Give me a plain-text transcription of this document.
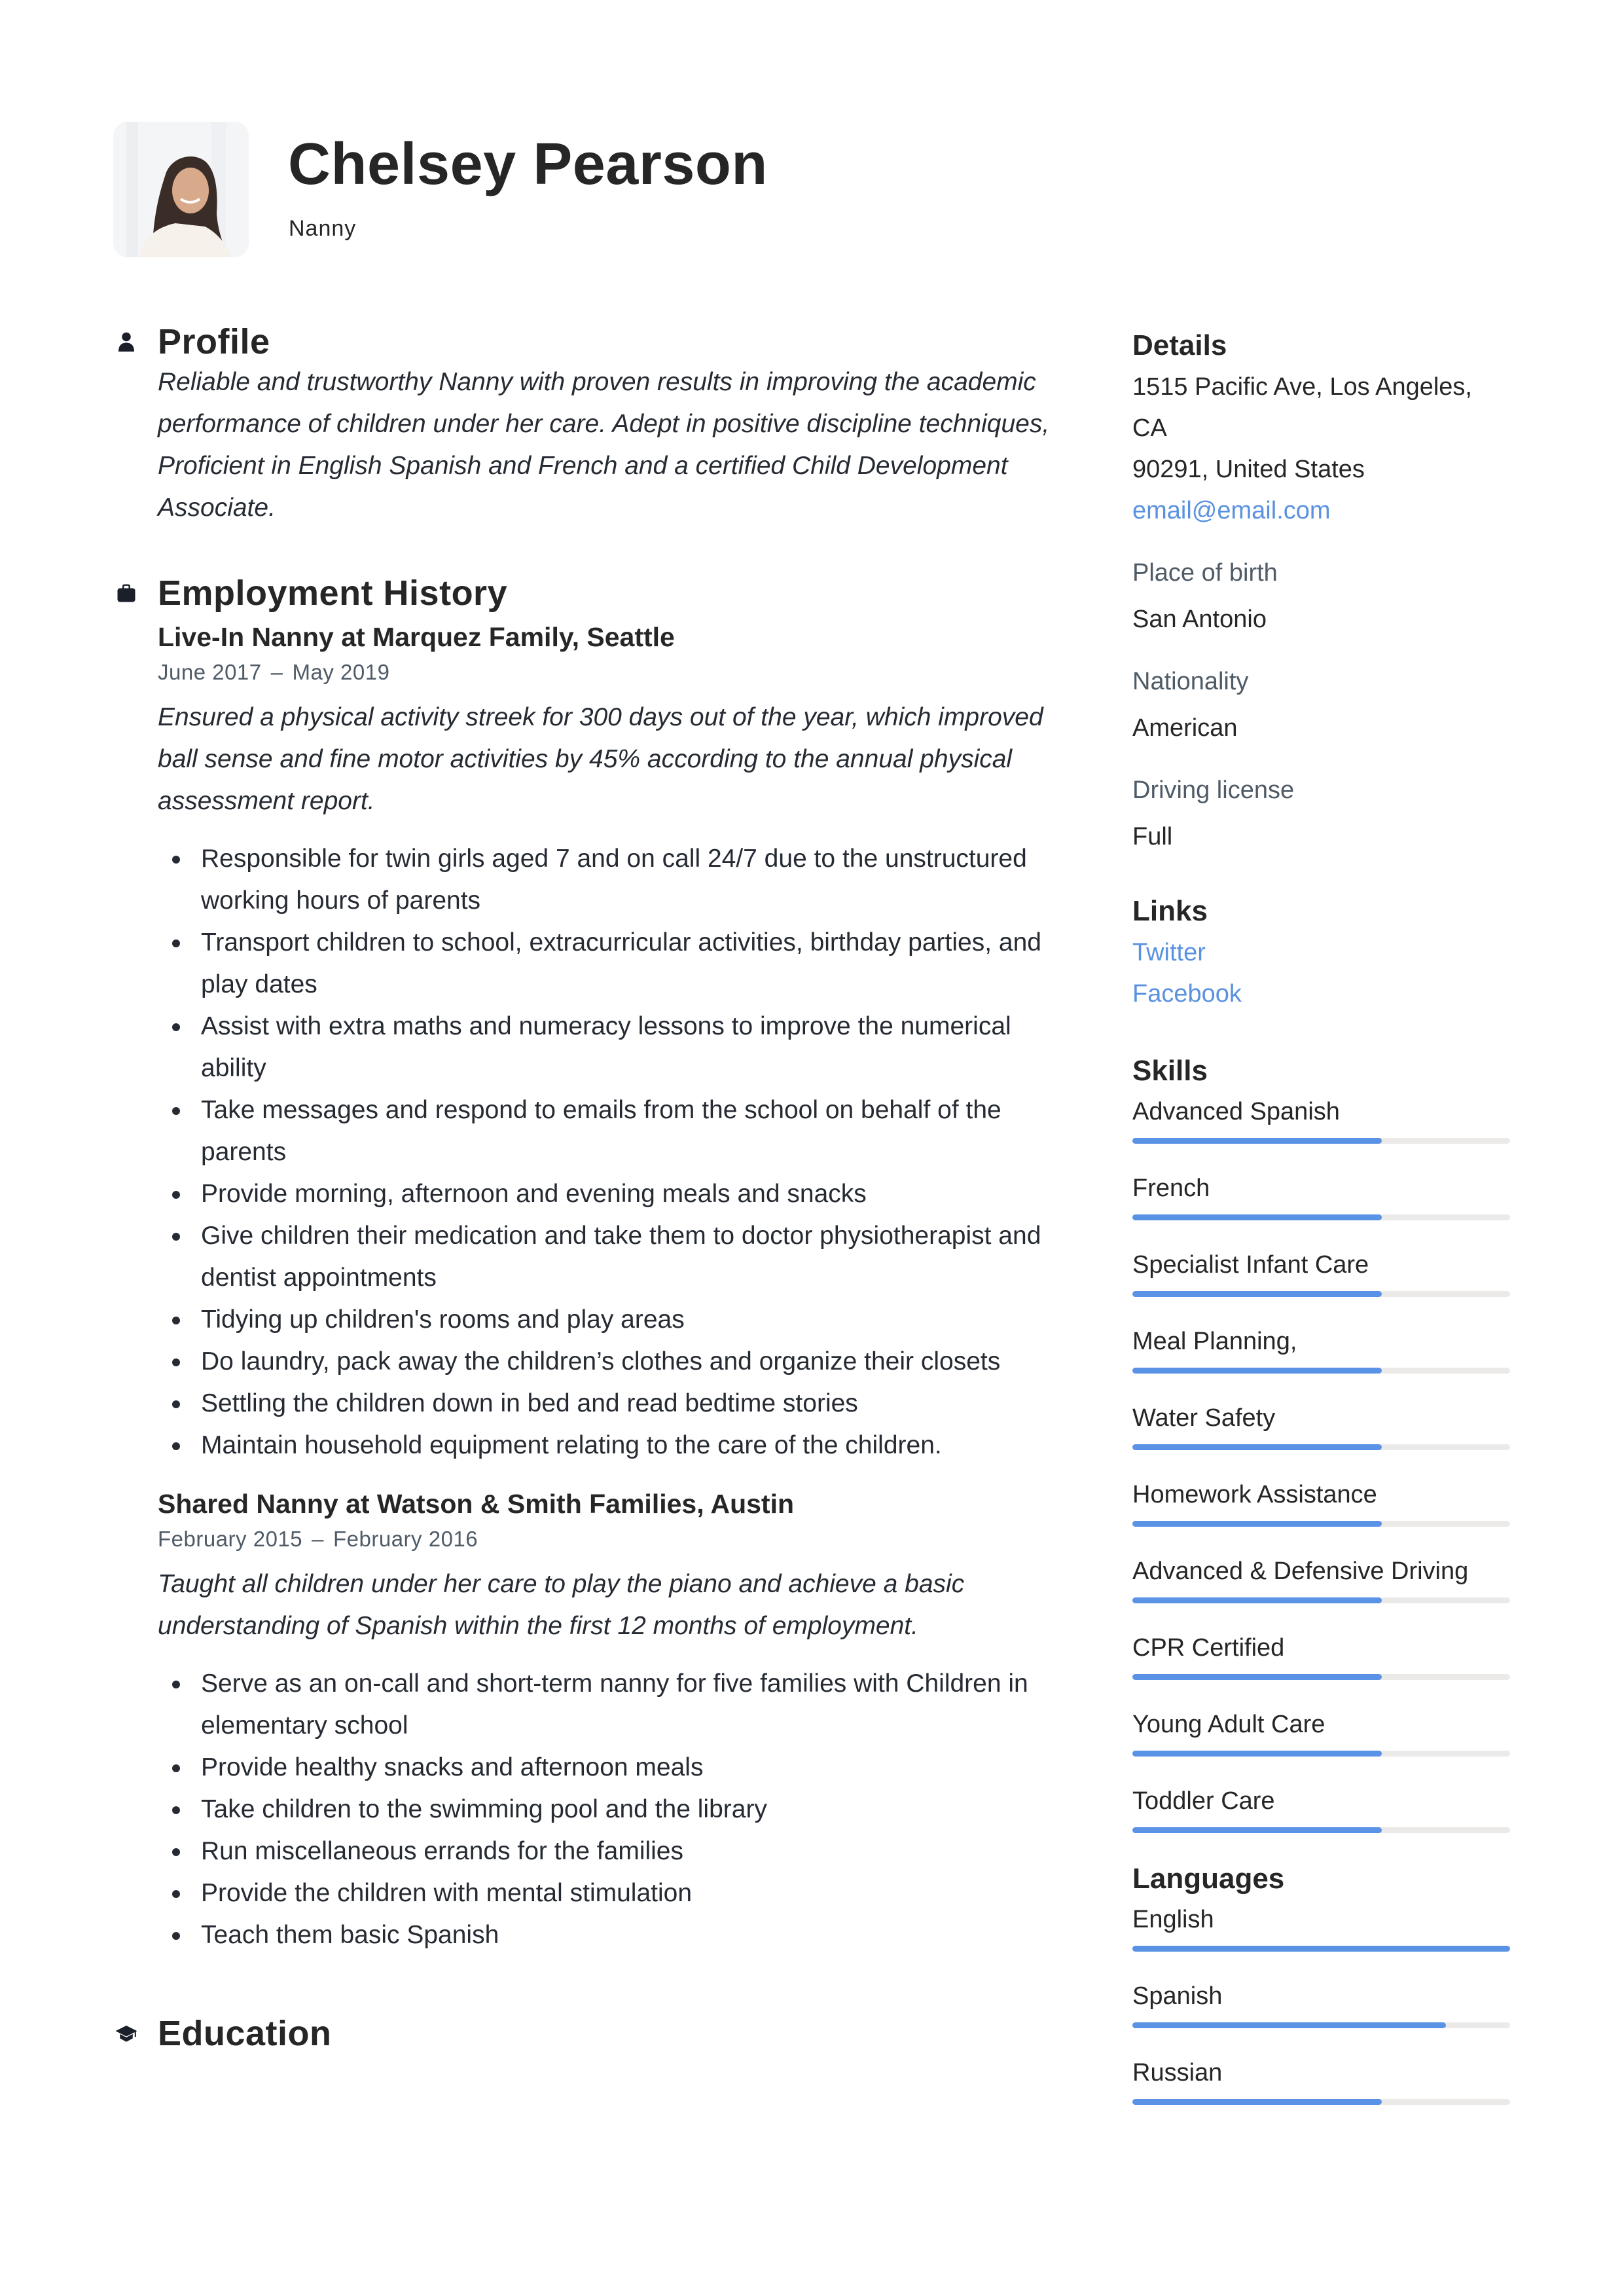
Chelsey Pearson
Nanny
Profile
Reliable and trustworthy Nanny with proven results in improving the academic performance of children under her care. Adept in positive discipline techniques, Proficient in English Spanish and French and a certified Child Development Associate.
Employment History
Live-In Nanny at Marquez Family, Seattle
June 2017 – May 2019
Ensured a physical activity streek for 300 days out of the year, which improved ball sense and fine motor activities by 45% according to the annual physical assessment report.
Responsible for twin girls aged 7 and on call 24/7 due to the unstructured working hours of parents
Transport children to school, extracurricular activities, birthday parties, and play dates
Assist with extra maths and numeracy lessons to improve the numerical ability
Take messages and respond to emails from the school on behalf of the parents
Provide morning, afternoon and evening meals and snacks
Give children their medication and take them to doctor physiotherapist and dentist appointments
Tidying up children's rooms and play areas
Do laundry, pack away the children’s clothes and organize their closets
Settling the children down in bed and read bedtime stories
Maintain household equipment relating to the care of the children.
Shared Nanny at Watson & Smith Families, Austin
February 2015 – February 2016
Taught all children under her care to play the piano and achieve a basic understanding of Spanish within the first 12 months of employment.
Serve as an on-call and short-term nanny for five families with Children in elementary school
Provide healthy snacks and afternoon meals
Take children to the swimming pool and the library
Run miscellaneous errands for the families
Provide the children with mental stimulation
Teach them basic Spanish
Education
Details
1515 Pacific Ave, Los Angeles, CA
90291, United States
email@email.com
Place of birth
San Antonio
Nationality
American
Driving license
Full
Links
Twitter
Facebook
Skills
Advanced Spanish
French
Specialist Infant Care
Meal Planning,
Water Safety
Homework Assistance
Advanced & Defensive Driving
CPR Certified
Young Adult Care
Toddler Care
Languages
English
Spanish
Russian
